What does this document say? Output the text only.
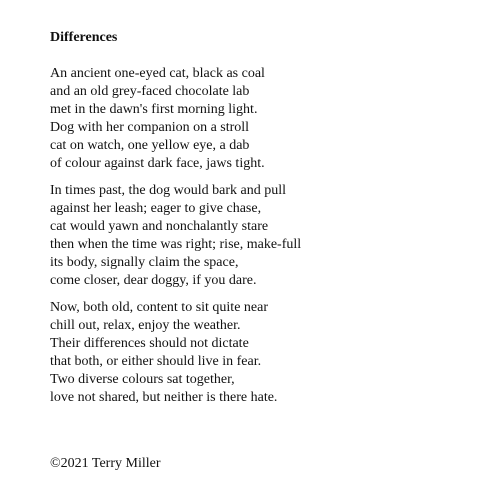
Differences
An ancient one-eyed cat, black as coal
and an old grey-faced chocolate lab
met in the dawn's first morning light.
Dog with her companion on a stroll
cat on watch, one yellow eye, a dab
of colour against dark face, jaws tight.
In times past, the dog would bark and pull
against her leash; eager to give chase,
cat would yawn and nonchalantly stare
then when the time was right; rise, make-full
its body, signally claim the space,
come closer, dear doggy, if you dare.
Now, both old, content to sit quite near
chill out, relax, enjoy the weather.
Their differences should not dictate
that both, or either should live in fear.
Two diverse colours sat together,
love not shared, but neither is there hate.
©2021 Terry Miller
